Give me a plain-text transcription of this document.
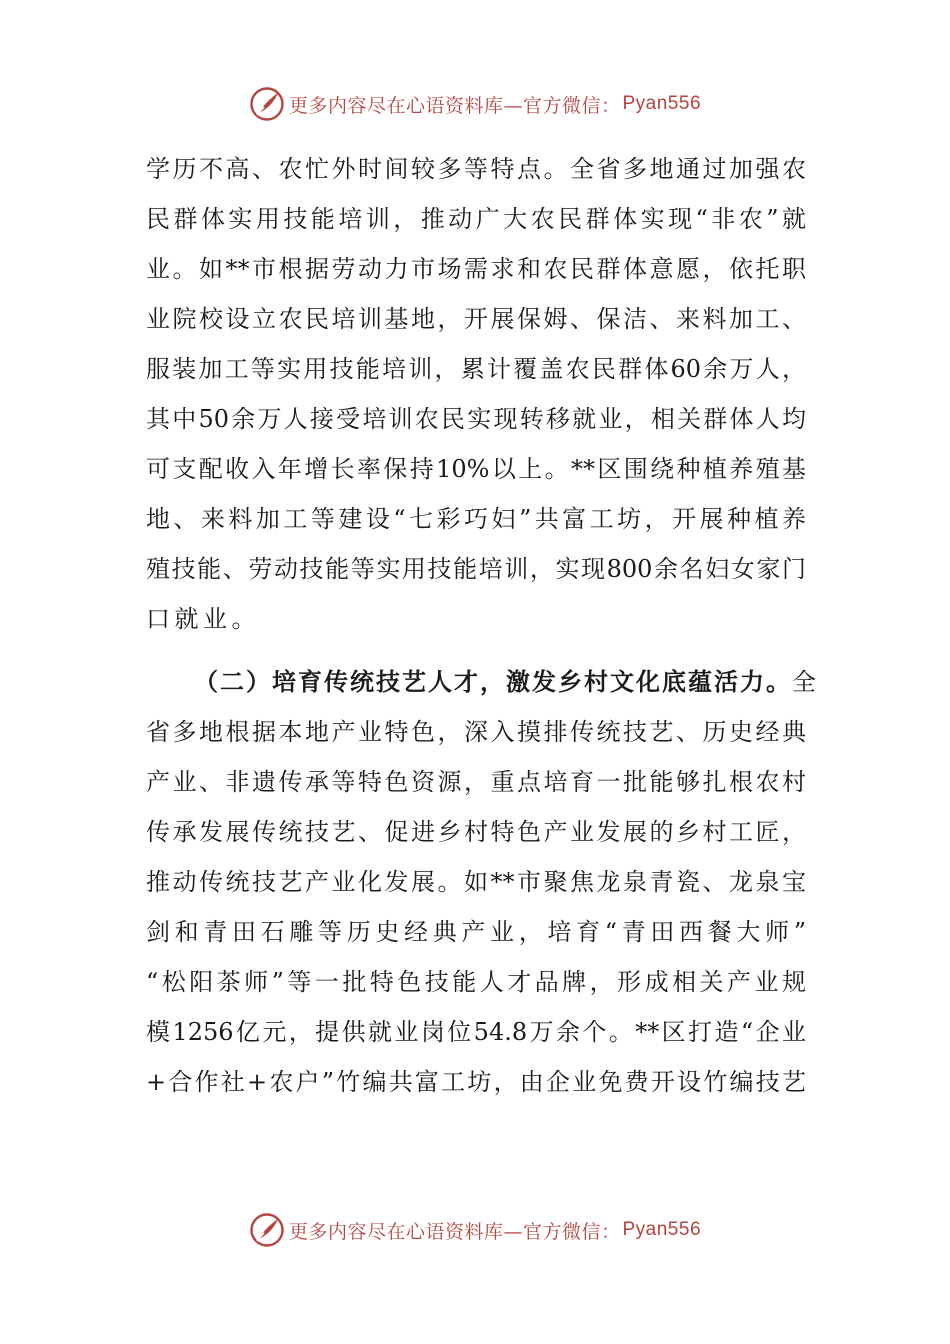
更多内容尽在心语资料库—官方微信： Pyan556
学历不高、农忙外时间较多等特点。全省多地通过加强农
民群体实用技能培训，推动广大农民群体实现“非农”就
业。如**市根据劳动力市场需求和农民群体意愿，依托职
业院校设立农民培训基地，开展保姆、保洁、来料加工、
服装加工等实用技能培训，累计覆盖农民群体60余万人，
其中50余万人接受培训农民实现转移就业，相关群体人均
可支配收入年增长率保持10%以上。**区围绕种植养殖基
地、来料加工等建设“七彩巧妇”共富工坊，开展种植养
殖技能、劳动技能等实用技能培训，实现800余名妇女家门
口就业。
（二）培育传统技艺人才，激发乡村文化底蕴活力。全
省多地根据本地产业特色，深入摸排传统技艺、历史经典
产业、非遗传承等特色资源，重点培育一批能够扎根农村
传承发展传统技艺、促进乡村特色产业发展的乡村工匠，
推动传统技艺产业化发展。如**市聚焦龙泉青瓷、龙泉宝
剑和青田石雕等历史经典产业，培育“青田西餐大师”
“松阳茶师”等一批特色技能人才品牌，形成相关产业规
模1256亿元，提供就业岗位54.8万余个。**区打造“企业
+合作社+农户”竹编共富工坊，由企业免费开设竹编技艺
更多内容尽在心语资料库—官方微信： Pyan556
